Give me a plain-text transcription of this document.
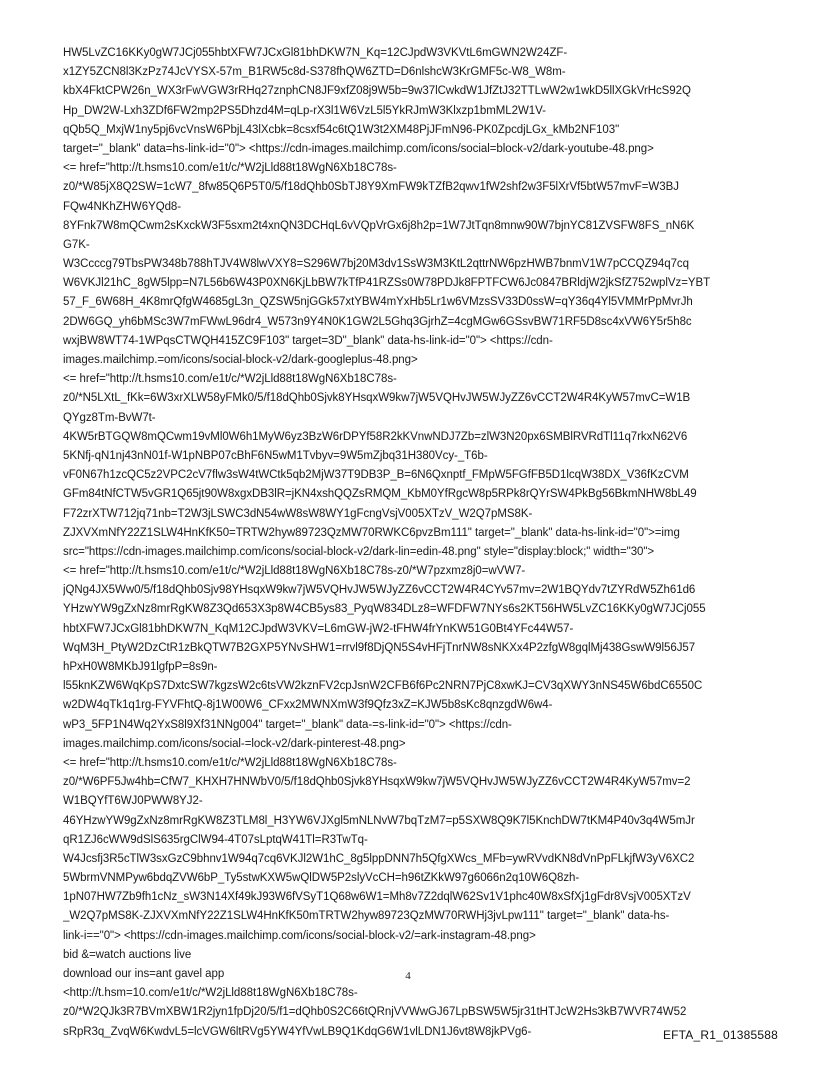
HW5LvZC16KKy0gW7JCj055hbtXFW7JCxGl81bhDKW7N_Kq=12CJpdW3VKVtL6mGWN2W24ZF-
x1ZY5ZCN8l3KzPz74JcVYSX-57m_B1RW5c8d-S378fhQW6ZTD=D6nlshcW3KrGMF5c-W8_W8m-
kbX4FktCPW26n_WX3rFwVGW3rRHq27znphCN8JF9xfZ08j9W5b=9w37lCwkdW1JfZtJ32TTLwW2w1wkD5llXGkVrHcS92Q
Hp_DW2W-Lxh3ZDf6FW2mp2PS5Dhzd4M=qLp-rX3l1W6VzL5l5YkRJmW3Klxzp1bmML2W1V-
qQb5Q_MxjW1ny5pj6vcVnsW6PbjL43lXcbk=8csxf54c6tQ1W3t2XM48PjJFmN96-PK0ZpcdjLGx_kMb2NF103"
target="_blank" data=hs-link-id="0"> <https://cdn-images.mailchimp.com/icons/social=block-v2/dark-youtube-48.png>
<= href="http://t.hsms10.com/e1t/c/*W2jLld88t18WgN6Xb18C78s-
z0/*W85jX8Q2SW=1cW7_8fw85Q6P5T0/5/f18dQhb0SbTJ8Y9XmFW9kTZfB2qwv1fW2shf2w3F5lXrVf5btW57mvF=W3BJ
FQw4NKhZHW6YQd8-
8YFnk7W8mQCwm2sKxckW3F5sxm2t4xnQN3DCHqL6vVQpVrGx6j8h2p=1W7JtTqn8mnw90W7bjnYC81ZVSFW8FS_nN6K
G7K-
W3Ccccg79TbsPW348b788hTJV4W8lwVXY8=S296W7bj20M3dv1SsW3M3KtL2qttrNW6pzHWB7bnmV1W7pCCQZ94q7cq
W6VKJl21hC_8gW5lpp=N7L56b6W43P0XN6KjLbBW7kTfP41RZSs0W78PDJk8FPTFCW6Jc0847BRldjW2jkSfZ752wplVz=YBT
57_F_6W68H_4K8mrQfgW4685gL3n_QZSW5njGGk57xtYBW4mYxHb5Lr1w6VMzsSV33D0ssW=qY36q4Yl5VMMrPpMvrJh
2DW6GQ_yh6bMSc3W7mFWwL96dr4_W573n9Y4N0K1GW2L5Ghq3GjrhZ=4cgMGw6GSsvBW71RF5D8sc4xVW6Y5r5h8c
wxjBW8WT74-1WPqsCTWQH415ZC9F103" target=3D"_blank" data-hs-link-id="0"> <https://cdn-
images.mailchimp.=om/icons/social-block-v2/dark-googleplus-48.png>
<= href="http://t.hsms10.com/e1t/c/*W2jLld88t18WgN6Xb18C78s-
z0/*N5LXtL_fKk=6W3xrXLW58yFMk0/5/f18dQhb0Sjvk8YHsqxW9kw7jW5VQHvJW5WJyZZ6vCCT2W4R4KyW57mvC=W1B
QYgz8Tm-BvW7t-
4KW5rBTGQW8mQCwm19vMl0W6h1MyW6yz3BzW6rDPYf58R2kKVnwNDJ7Zb=zlW3N20px6SMBlRVRdTl11q7rkxN62V6
5KNfj-qN1nj43nN01f-W1pNBP07cBhF6N5wM1Tvbyv=9W5mZjbq31H380Vcy-_T6b-
vF0N67h1zcQC5z2VPC2cV7flw3sW4tWCtk5qb2MjW37T9DB3P_B=6N6Qxnptf_FMpW5FGfFB5D1lcqW38DX_V36fKzCVM
GFm84tNfCTW5vGR1Q65jt90W8xgxDB3lR=jKN4xshQQZsRMQM_KbM0YfRgcW8p5RPk8rQYrSW4PkBg56BkmNHW8bL49
F72zrXTW712jq71nb=T2W3jLSWC3dN54wW8sW8WY1gFcngVsjV005XTzV_W2Q7pMS8K-
ZJXVXmNfY22Z1SLW4HnKfK50=TRTW2hyw89723QzMW70RWKC6pvzBm111" target="_blank" data-hs-link-id="0">=img
src="https://cdn-images.mailchimp.com/icons/social-block-v2/dark-lin=edin-48.png" style="display:block;" width="30">
<= href="http://t.hsms10.com/e1t/c/*W2jLld88t18WgN6Xb18C78s-z0/*W7pzxmz8j0=wVW7-
jQNg4JX5Ww0/5/f18dQhb0Sjv98YHsqxW9kw7jW5VQHvJW5WJyZZ6vCCT2W4R4CYv57mv=2W1BQYdv7tZYRdW5Zh61d6
YHzwYW9gZxNz8mrRgKW8Z3Qd653X3p8W4CB5ys83_PyqW834DLz8=WFDFW7NYs6s2KT56HW5LvZC16KKy0gW7JCj055
hbtXFW7JCxGl81bhDKW7N_KqM12CJpdW3VKV=L6mGW-jW2-tFHW4frYnKW51G0Bt4YFc44W57-
WqM3H_PtyW2DzCtR1zBkQTW7B2GXP5YNvSHW1=rrvl9f8DjQN5S4vHFjTnrNW8sNKXx4P2zfgW8gqlMj438GswW9l56J57
hPxH0W8MKbJ91lgfpP=8s9n-
l55knKZW6WqKpS7DxtcSW7kgzsW2c6tsVW2kznFV2cpJsnW2CFB6f6Pc2NRN7PjC8xwKJ=CV3qXWY3nNS45W6bdC6550C
w2DW4qTk1q1rg-FYVFhtQ-8j1W00W6_CFxx2MWNXmW3f9Qfz3xZ=KJW5b8sKc8qnzgdW6w4-
wP3_5FP1N4Wq2YxS8l9Xf31NNg004" target="_blank" data-=s-link-id="0"> <https://cdn-
images.mailchimp.com/icons/social-=lock-v2/dark-pinterest-48.png>
<= href="http://t.hsms10.com/e1t/c/*W2jLld88t18WgN6Xb18C78s-
z0/*W6PF5Jw4hb=CfW7_KHXH7HNWbV0/5/f18dQhb0Sjvk8YHsqxW9kw7jW5VQHvJW5WJyZZ6vCCT2W4R4KyW57mv=2
W1BQYfT6WJ0PWW8YJ2-
46YHzwYW9gZxNz8mrRgKW8Z3TLM8l_H3YW6VJXgl5mNLNvW7bqTzM7=p5SXW8Q9K7l5KnchDW7tKM4P40v3q4W5mJr
qR1ZJ6cWW9dSlS635rgClW94-4T07sLptqW41Tl=R3TwTq-
W4Jcsfj3R5cTlW3sxGzC9bhnv1W94q7cq6VKJl2W1hC_8g5lppDNN7h5QfgXWcs_MFb=ywRVvdKN8dVnPpFLkjfW3yV6XC2
5WbrmVNMPyw6bdqZVW6bP_Ty5stwKXW5wQlDW5P2slyVcCH=h96tZKkW97g6066n2q10W6Q8zh-
1pN07HW7Zb9fh1cNz_sW3N14Xf49kJ93W6fVSyT1Q68w6W1=Mh8v7Z2dqlW62Sv1V1phc40W8xSfXj1gFdr8VsjV005XTzV
_W2Q7pMS8K-ZJXVXmNfY22Z1SLW4HnKfK50mTRTW2hyw89723QzMW70RWHj3jvLpw111" target="_blank" data-hs-
link-i=="0"> <https://cdn-images.mailchimp.com/icons/social-block-v2/=ark-instagram-48.png>
bid &=watch auctions live
download our ins=ant gavel app
<http://t.hsm=10.com/e1t/c/*W2jLld88t18WgN6Xb18C78s-
z0/*W2QJk3R7BVmXBW1R2jyn1fpDj20/5/f1=dQhb0S2C66tQRnjVVWwGJ67LpBSW5W5jr31tHTJcW2Hs3kB7WVR74W52
sRpR3q_ZvqW6KwdvL5=lcVGW6ltRVg5YW4YfVwLB9Q1KdqG6W1vlLDN1J6vt8W8jkPVg6-
4
EFTA_R1_01385588
